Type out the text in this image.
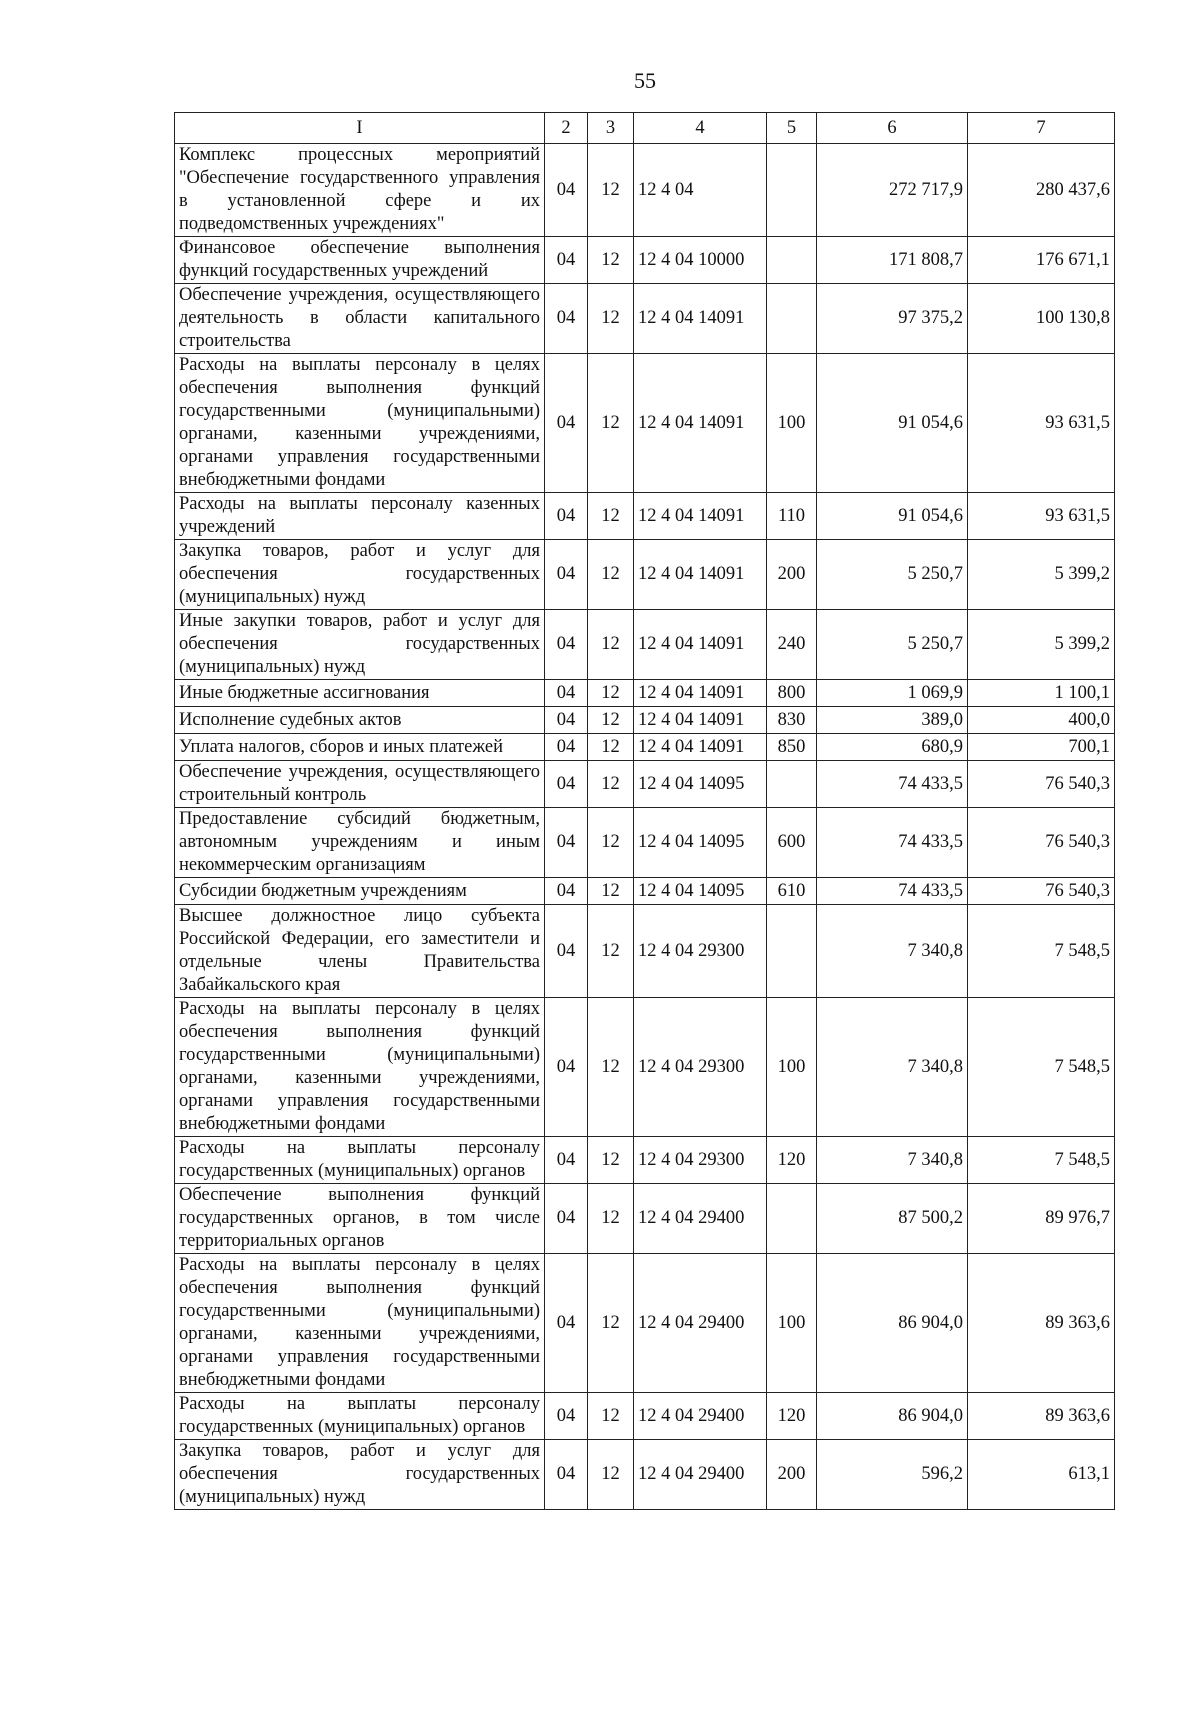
55
I	2	3	4	5	6	7
Комплекс процессных мероприятий "Обеспечение государственного управления в установленной сфере и их подведомственных учреждениях"	04	12	12 4 04		272 717,9	280 437,6
Финансовое обеспечение выполнения функций государственных учреждений	04	12	12 4 04 10000		171 808,7	176 671,1
Обеспечение учреждения, осуществляющего деятельность в области капитального строительства	04	12	12 4 04 14091		97 375,2	100 130,8
Расходы на выплаты персоналу в целях обеспечения выполнения функций государственными (муниципальными) органами, казенными учреждениями, органами управления государственными внебюджетными фондами	04	12	12 4 04 14091	100	91 054,6	93 631,5
Расходы на выплаты персоналу казенных учреждений	04	12	12 4 04 14091	110	91 054,6	93 631,5
Закупка товаров, работ и услуг для обеспечения государственных (муниципальных) нужд	04	12	12 4 04 14091	200	5 250,7	5 399,2
Иные закупки товаров, работ и услуг для обеспечения государственных (муниципальных) нужд	04	12	12 4 04 14091	240	5 250,7	5 399,2
Иные бюджетные ассигнования	04	12	12 4 04 14091	800	1 069,9	1 100,1
Исполнение судебных актов	04	12	12 4 04 14091	830	389,0	400,0
Уплата налогов, сборов и иных платежей	04	12	12 4 04 14091	850	680,9	700,1
Обеспечение учреждения, осуществляющего строительный контроль	04	12	12 4 04 14095		74 433,5	76 540,3
Предоставление субсидий бюджетным, автономным учреждениям и иным некоммерческим организациям	04	12	12 4 04 14095	600	74 433,5	76 540,3
Субсидии бюджетным учреждениям	04	12	12 4 04 14095	610	74 433,5	76 540,3
Высшее должностное лицо субъекта Российской Федерации, его заместители и отдельные члены Правительства Забайкальского края	04	12	12 4 04 29300		7 340,8	7 548,5
Расходы на выплаты персоналу в целях обеспечения выполнения функций государственными (муниципальными) органами, казенными учреждениями, органами управления государственными внебюджетными фондами	04	12	12 4 04 29300	100	7 340,8	7 548,5
Расходы на выплаты персоналу государственных (муниципальных) органов	04	12	12 4 04 29300	120	7 340,8	7 548,5
Обеспечение выполнения функций государственных органов, в том числе территориальных органов	04	12	12 4 04 29400		87 500,2	89 976,7
Расходы на выплаты персоналу в целях обеспечения выполнения функций государственными (муниципальными) органами, казенными учреждениями, органами управления государственными внебюджетными фондами	04	12	12 4 04 29400	100	86 904,0	89 363,6
Расходы на выплаты персоналу государственных (муниципальных) органов	04	12	12 4 04 29400	120	86 904,0	89 363,6
Закупка товаров, работ и услуг для обеспечения государственных (муниципальных) нужд	04	12	12 4 04 29400	200	596,2	613,1
